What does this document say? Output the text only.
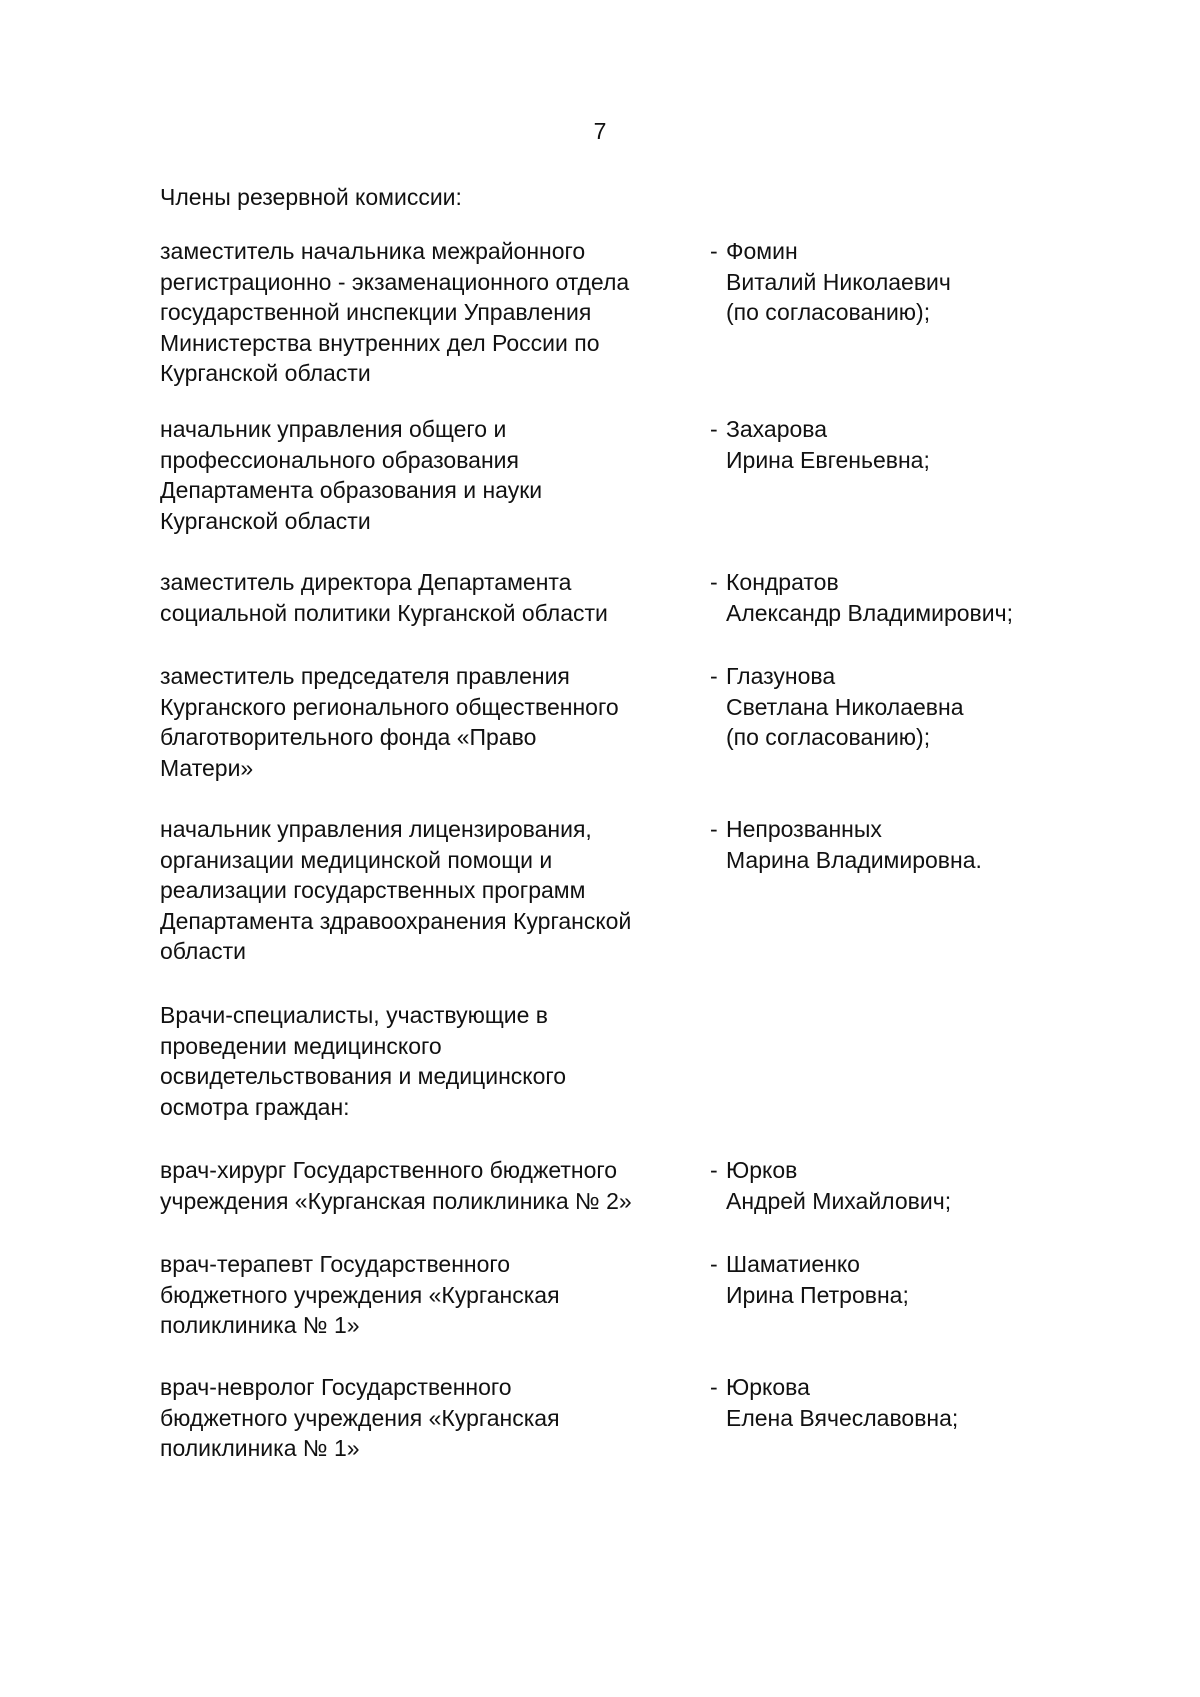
7
Члены резервной комиссии:
заместитель начальника межрайонного
регистрационно - экзаменационного отдела
государственной инспекции Управления
Министерства внутренних дел России по
Курганской области
- Фомин
Виталий Николаевич
(по согласованию);
начальник управления общего и
профессионального образования
Департамента образования и науки
Курганской области
- Захарова
Ирина Евгеньевна;
заместитель директора Департамента
социальной политики Курганской области
- Кондратов
Александр Владимирович;
заместитель председателя правления
Курганского регионального общественного
благотворительного фонда «Право
Матери»
- Глазунова
Светлана Николаевна
(по согласованию);
начальник управления лицензирования,
организации медицинской помощи и
реализации государственных программ
Департамента здравоохранения Курганской
области
- Непрозванных
Марина Владимировна.
Врачи-специалисты, участвующие в
проведении медицинского
освидетельствования и медицинского
осмотра граждан:
врач-хирург Государственного бюджетного
учреждения «Курганская поликлиника № 2»
- Юрков
Андрей Михайлович;
врач-терапевт Государственного
бюджетного учреждения «Курганская
поликлиника № 1»
- Шаматиенко
Ирина Петровна;
врач-невролог Государственного
бюджетного учреждения «Курганская
поликлиника № 1»
- Юркова
Елена Вячеславовна;
